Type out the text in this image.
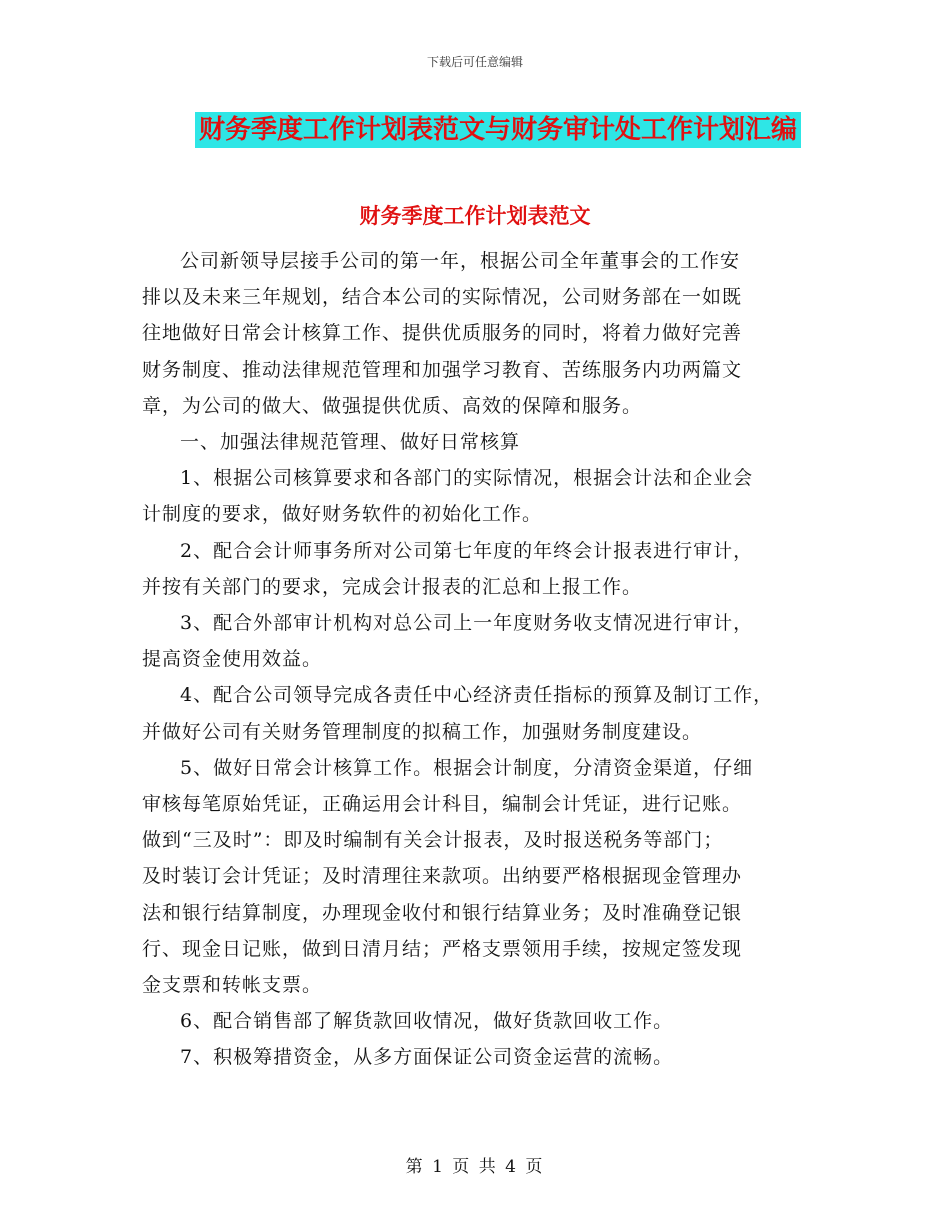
下载后可任意编辑
财务季度工作计划表范文与财务审计处工作计划汇编
财务季度工作计划表范文

公司新领导层接手公司的第一年，根据公司全年董事会的工作安
排以及未来三年规划，结合本公司的实际情况，公司财务部在一如既
往地做好日常会计核算工作、提供优质服务的同时，将着力做好完善
财务制度、推动法律规范管理和加强学习教育、苦练服务内功两篇文
章，为公司的做大、做强提供优质、高效的保障和服务。

一、加强法律规范管理、做好日常核算

1、根据公司核算要求和各部门的实际情况，根据会计法和企业会
计制度的要求，做好财务软件的初始化工作。

2、配合会计师事务所对公司第七年度的年终会计报表进行审计，
并按有关部门的要求，完成会计报表的汇总和上报工作。

3、配合外部审计机构对总公司上一年度财务收支情况进行审计，
提高资金使用效益。

4、配合公司领导完成各责任中心经济责任指标的预算及制订工作，
并做好公司有关财务管理制度的拟稿工作，加强财务制度建设。

5、做好日常会计核算工作。根据会计制度，分清资金渠道，仔细
审核每笔原始凭证，正确运用会计科目，编制会计凭证，进行记账。
做到“三及时”：即及时编制有关会计报表，及时报送税务等部门；
及时装订会计凭证；及时清理往来款项。出纳要严格根据现金管理办
法和银行结算制度，办理现金收付和银行结算业务；及时准确登记银
行、现金日记账，做到日清月结；严格支票领用手续，按规定签发现
金支票和转帐支票。

6、配合销售部了解货款回收情况，做好货款回收工作。

7、积极筹措资金，从多方面保证公司资金运营的流畅。

第 1 页 共 4 页
